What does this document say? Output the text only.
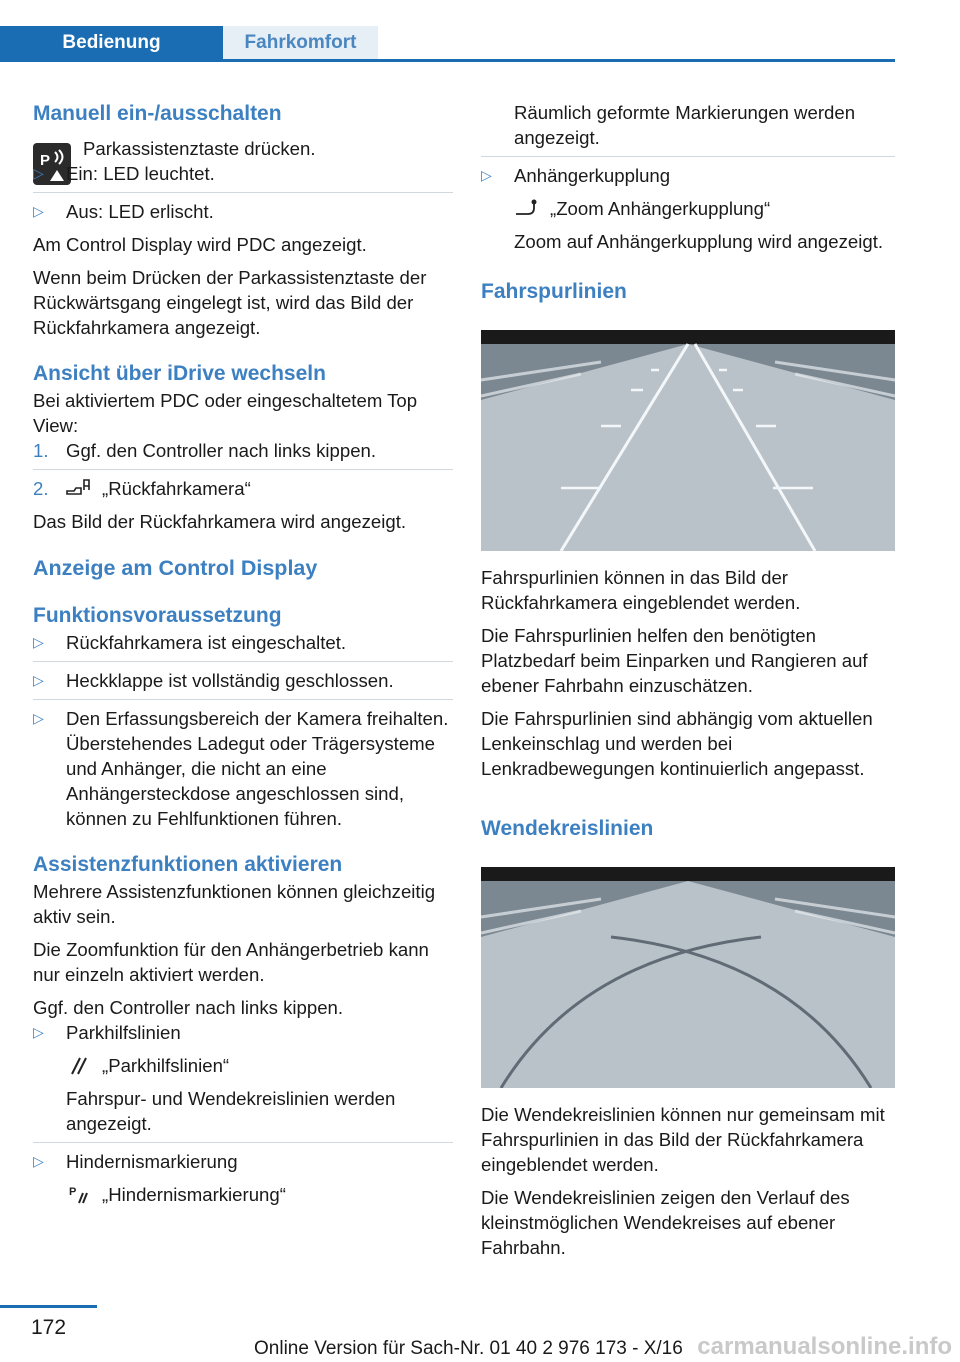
Bedienung	Fahrkomfort
Manuell ein-/ausschalten
P

Parkassistenztaste drücken.

▷ Ein: LED leuchtet.
▷ Aus: LED erlischt.

Am Control Display wird PDC angezeigt.

Wenn beim Drücken der Parkassistenztaste der Rückwärtsgang eingelegt ist, wird das Bild der Rückfahrkamera angezeigt.

Ansicht über iDrive wechseln

Bei aktiviertem PDC oder eingeschaltetem Top View:

1. Ggf. den Controller nach links kippen.
2.	„Rückfahrkamera“

Das Bild der Rückfahrkamera wird angezeigt.

Anzeige am Control Display
Funktionsvoraussetzung
▷ Rückfahrkamera ist eingeschaltet.
▷ Heckklappe ist vollständig geschlossen.
▷ Den Erfassungsbereich der Kamera freihalten. Überstehendes Ladegut oder Trägersysteme und Anhänger, die nicht an eine Anhängersteckdose angeschlossen sind, können zu Fehlfunktionen führen.
Assistenzfunktionen aktivieren

Mehrere Assistenzfunktionen können gleichzeitig aktiv sein.

Die Zoomfunktion für den Anhängerbetrieb kann nur einzeln aktiviert werden.

Ggf. den Controller nach links kippen.

▷ Parkhilfslinien
„Parkhilfslinien“
Fahrspur- und Wendekreislinien werden angezeigt.
▷ Hindernismarkierung
P „Hindernismarkierung“

Räumlich geformte Markierungen werden angezeigt.

▷ Anhängerkupplung
„Zoom Anhängerkupplung“
Zoom auf Anhängerkupplung wird angezeigt.
Fahrspurlinien

Fahrspurlinien können in das Bild der Rückfahrkamera eingeblendet werden.

Die Fahrspurlinien helfen den benötigten Platzbedarf beim Einparken und Rangieren auf ebener Fahrbahn einzuschätzen.

Die Fahrspurlinien sind abhängig vom aktuellen Lenkeinschlag und werden bei Lenkradbewegungen kontinuierlich angepasst.

Wendekreislinien

Die Wendekreislinien können nur gemeinsam mit Fahrspurlinien in das Bild der Rückfahrkamera eingeblendet werden.

Die Wendekreislinien zeigen den Verlauf des kleinstmöglichen Wendekreises auf ebener Fahrbahn.

172
Online Version für Sach-Nr. 01 40 2 976 173 - X/16 carmanualsonline.info
